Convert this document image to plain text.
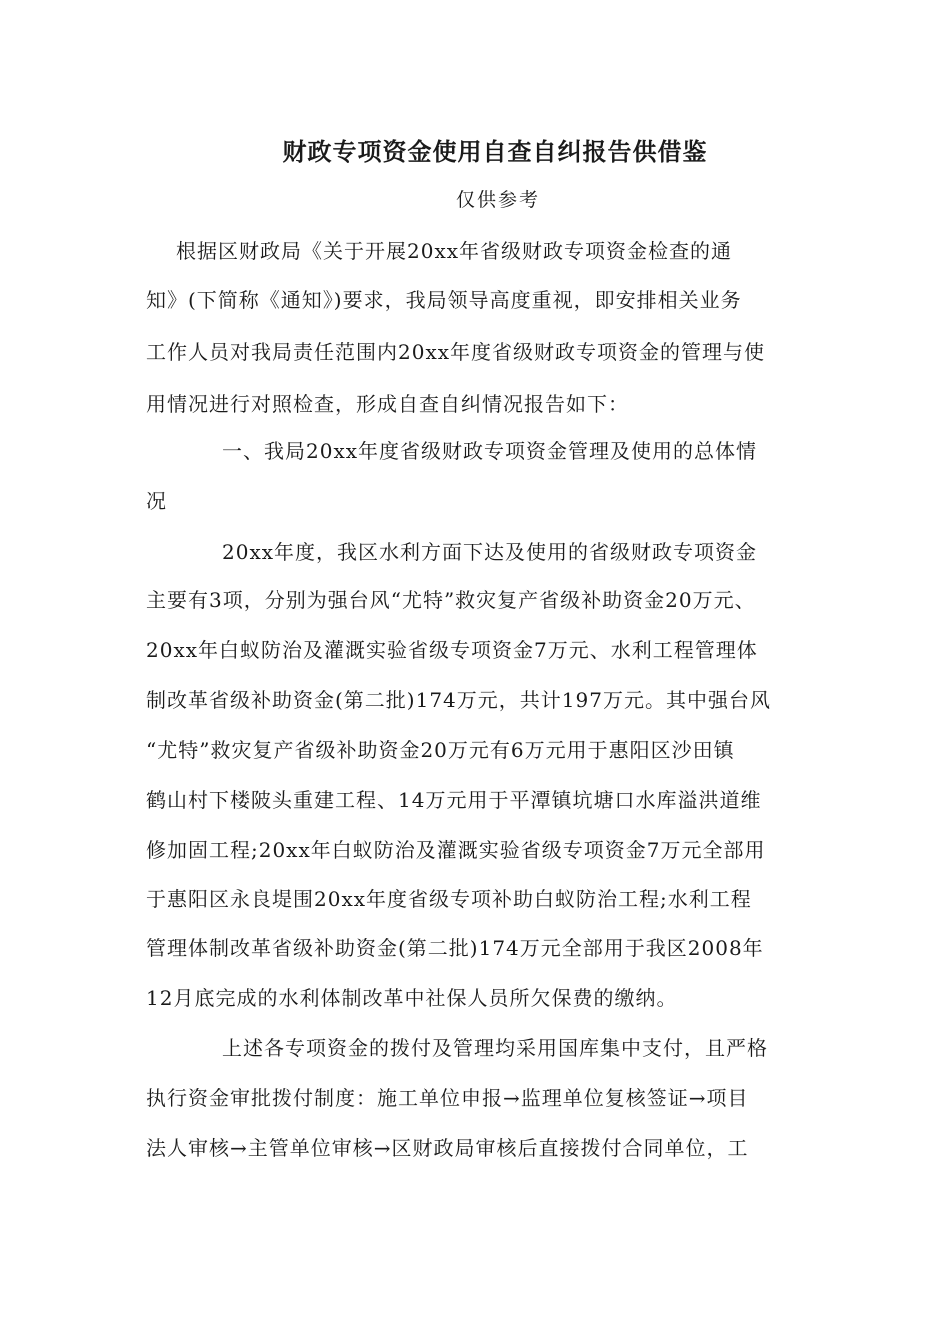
财政专项资金使用自查自纠报告供借鉴
仅供参考
根据区财政局《关于开展20xx年省级财政专项资金检查的通
知》(下简称《通知》)要求，我局领导高度重视，即安排相关业务
工作人员对我局责任范围内20xx年度省级财政专项资金的管理与使
用情况进行对照检查，形成自查自纠情况报告如下：
一、我局20xx年度省级财政专项资金管理及使用的总体情
况
20xx年度，我区水利方面下达及使用的省级财政专项资金
主要有3项，分别为强台风“尤特”救灾复产省级补助资金20万元、
20xx年白蚁防治及灌溉实验省级专项资金7万元、水利工程管理体
制改革省级补助资金(第二批)174万元，共计197万元。其中强台风
“尤特”救灾复产省级补助资金20万元有6万元用于惠阳区沙田镇
鹤山村下楼陂头重建工程、14万元用于平潭镇坑塘口水库溢洪道维
修加固工程;20xx年白蚁防治及灌溉实验省级专项资金7万元全部用
于惠阳区永良堤围20xx年度省级专项补助白蚁防治工程;水利工程
管理体制改革省级补助资金(第二批)174万元全部用于我区2008年
12月底完成的水利体制改革中社保人员所欠保费的缴纳。
上述各专项资金的拨付及管理均采用国库集中支付，且严格
执行资金审批拨付制度：施工单位申报→监理单位复核签证→项目
法人审核→主管单位审核→区财政局审核后直接拨付合同单位，工
